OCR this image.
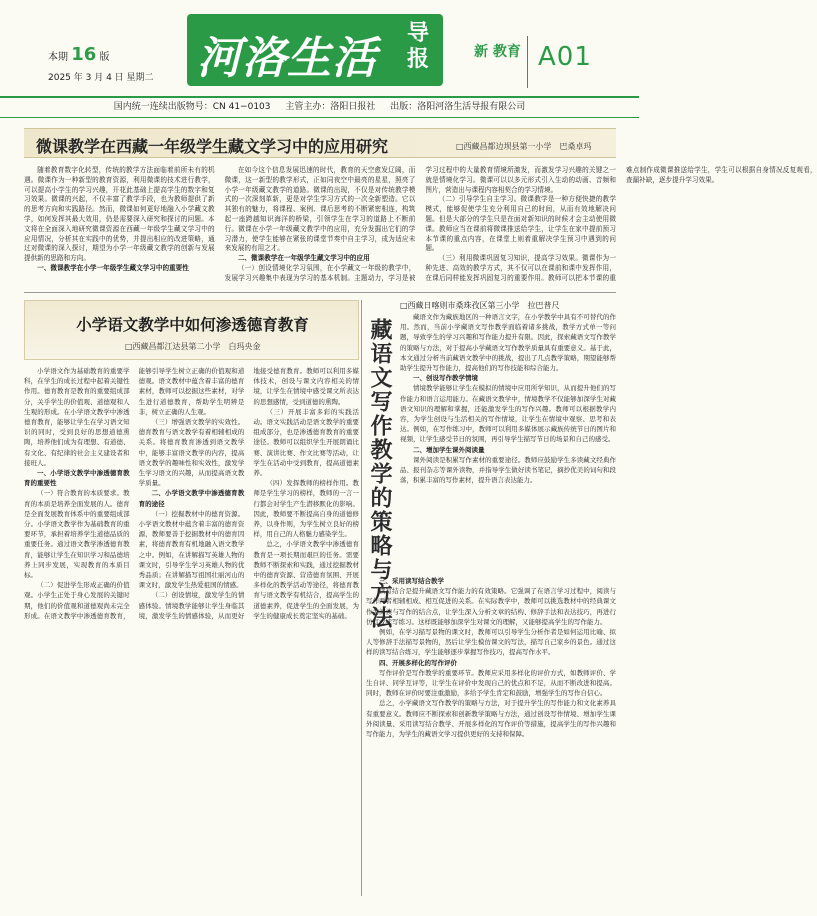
本期 16 版
2025 年 3 月 4 日 星期二 河洛生活 导报	新 教育 A01
国内统一连续出版物号：CN 41−0103 主管主办：洛阳日报社 出版：洛阳河洛生活导报有限公司
微课教学在西藏一年级学生藏文学习中的应用研究	□西藏昌都边坝县第一小学　巴桑卓玛

随着教育数字化转型，传统的教学方法面临着前所未有的机遇。微课作为一种新型的教育资源，利用微课的技术进行教学，可以提高小学生的学习兴趣，开花此基础上提高学生的数字和复习效果。微课的兴起，不仅丰富了教学手段，也为教师提供了新的思考方向和实践路径。然而，微课如何更好地融入小学藏文教学，如何发挥其最大效用，仍是需要深入研究和探讨的问题。本文将在全面深入地研究微课资源在西藏一年级学生藏文学习中的应用情况，分析其在实践中的优势，并提出相应的改进策略，通过对微课的深入探讨，期望为小学一年级藏文教学的创新与发展提供新的思路和方向。

一、微课教学在小学一年级学生藏文学习中的重要性

在如今这个信息发展迅速的时代，教育的天空愈发辽阔，而微课，这一新型的教学形式，正如同夜空中最亮的星星，照亮了小学一年级藏文教学的道路。微课的出现，不仅是对传统教学模式的一次深刻革新，更是对学生学习方式的一次全新塑造。它以其独有的魅力，将课程、案例、课后思考的不断紧密相连，构筑起一座跨越知识海洋的桥梁，引领学生在学习的道路上不断前行。微课在小学一年级藏文教学中的应用，充分发掘出它们的学习潜力，使学生能够在紧张的课堂节奏中自主学习，成为适应未来发展的有用之才。

二、微课教学在一年级学生藏文学习中的应用

（一）创设情境化学习氛围，在小学藏文一年级的教学中，发展学习兴趣集中表现为学习的基本机制。主题动力，学习是被学习过程中的大量教育情境所激发，而激发学习兴趣的关键之一就是情境化学习。微课可以以多元形式引入生动的动画、音频和图片，营造出与课程内容相契合的学习情境。

（二）引导学生自主学习。微课教学是一种方便快捷的教学模式，能够促使学生充分利用自己的时间，从而有效地解决问题。但是大部分的学生只是在面对新知识的时候才会主动使用微课。教师应当在课前将微课推送给学生，让学生在家中提前预习本节课的重点内容，在课堂上则着重解决学生预习中遇到的问题。

（三）利用微课巩固复习知识，提高学习效果。微课作为一种先进、高效的教学方式，其不仅可以在课前和课中发挥作用，在课后同样能发挥巩固复习的重要作用。教师可以把本节课的重难点制作成微课推送给学生，学生可以根据自身情况反复观看，查漏补缺，逐步提升学习效果。

小学语文教学中如何渗透德育教育
□西藏昌都江达县第二小学　白玛央金

小学语文作为基础教育的重要学科，在学生的成长过程中起着关键性作用。德育教育是教育的重要组成部分，关乎学生的价值观、道德观和人生观的形成。在小学语文教学中渗透德育教育，能够让学生在学习语文知识的同时，受到良好的思想道德熏陶，培养他们成为有理想、有道德、有文化、有纪律的社会主义建设者和接班人。

一、小学语文教学中渗透德育教育的重要性

（一）符合教育的本质要求。教育的本质是培养全面发展的人。德育是全面发展教育体系中的重要组成部分。小学语文教学作为基础教育的重要环节，承担着培养学生道德品质的重要任务。通过语文教学渗透德育教育，能够让学生在知识学习和品德培养上同步发展，实现教育的本质目标。

（二）促进学生形成正确的价值观。小学生正处于身心发展的关键时期，他们的价值观和道德观尚未完全形成。在语文教学中渗透德育教育，能够引导学生树立正确的价值观和道德观。语文教材中蕴含着丰富的德育素材，教师可以挖掘这些素材，对学生进行道德教育，帮助学生明辨是非，树立正确的人生观。

（三）增强语文教学的实效性。德育教育与语文教学有着相辅相成的关系。将德育教育渗透到语文教学中，能够丰富语文教学的内容，提高语文教学的趣味性和实效性，激发学生学习语文的兴趣，从而提高语文教学质量。

二、小学语文教学中渗透德育教育的途径

（一）挖掘教材中的德育资源。小学语文教材中蕴含着丰富的德育资源，教师要善于挖掘教材中的德育因素，将德育教育有机地融入语文教学之中。例如，在讲解描写英雄人物的课文时，引导学生学习英雄人物的优秀品质；在讲解描写祖国壮丽河山的课文时，激发学生热爱祖国的情感。

（二）创设情境，激发学生的情感体验。情境教学能够让学生身临其境，激发学生的情感体验，从而更好地接受德育教育。教师可以利用多媒体技术，创设与课文内容相关的情境，让学生在情境中感受课文所表达的思想感情，受到道德的熏陶。

（三）开展丰富多彩的实践活动。语文实践活动是语文教学的重要组成部分，也是渗透德育教育的重要途径。教师可以组织学生开展朗诵比赛、演讲比赛、作文比赛等活动，让学生在活动中受到教育，提高道德素养。

（四）发挥教师的榜样作用。教师是学生学习的榜样，教师的一言一行都会对学生产生潜移默化的影响。因此，教师要不断提高自身的道德修养，以身作则，为学生树立良好的榜样，用自己的人格魅力感染学生。

总之，小学语文教学中渗透德育教育是一项长期而艰巨的任务。需要教师不断探索和实践，通过挖掘教材中的德育资源、营造德育氛围、开展多样化的教学活动等途径，将德育教育与语文教学有机结合，提高学生的道德素养，促进学生的全面发展，为学生的健康成长奠定坚实的基础。 藏语文写作教学的策略与方法
□西藏日喀则市桑珠孜区第三小学　拉巴普尺

藏语文作为藏族地区的一种语言文字，在小学教学中具有不可替代的作用。然而，当前小学藏语文写作教学面临着诸多挑战，教学方式单一等问题，导致学生的学习兴趣和写作能力提升有限。因此，探索藏语文写作教学的策略与方法，对于提高小学藏语文写作教学质量具有重要意义。基于此，本文通过分析当前藏语文教学中的挑战，提出了几点教学策略，期望能够帮助学生提升写作能力，提高他们的写作技能和综合能力。

一、创设写作教学情境

情境教学能够让学生在模拟的情境中应用所学知识，从而提升他们的写作能力和语言运用能力。在藏语文教学中，情境教学不仅能够加深学生对藏语文知识的理解和掌握，还能激发学生的写作兴趣。教师可以根据教学内容，为学生创设与生活相关的写作情境，让学生在情境中观察、思考和表达。例如，在写作练习中，教师可以利用多媒体展示藏族传统节日的图片和视频，让学生感受节日的氛围，再引导学生描写节日的场景和自己的感受。

二、增加学生课外阅读量

课外阅读是积累写作素材的重要途径。教师应鼓励学生多读藏文经典作品、报刊杂志等课外读物，并指导学生做好读书笔记，摘抄优美的词句和段落，积累丰富的写作素材，提升语言表达能力。

三、采用读写结合教学

读写结合是提升藏语文写作能力的有效策略。它强调了在语言学习过程中，阅读与写作两者相辅相成、相互促进的关系。在实际教学中，教师可以挑选教材中的经典课文作为阅读与写作的结合点，让学生深入分析文章的结构、修辞手法和表达技巧，再进行仿写或续写练习。这样既能够加深学生对课文的理解，又能够提高学生的写作能力。

例如，在学习描写景物的课文时，教师可以引导学生分析作者是如何运用比喻、拟人等修辞手法描写景物的，然后让学生模仿课文的写法，描写自己家乡的景色。通过这样的读写结合练习，学生能够逐步掌握写作技巧，提高写作水平。

四、开展多样化的写作评价

写作评价是写作教学的重要环节。教师应采用多样化的评价方式，如教师评价、学生自评、同学互评等，让学生在评价中发现自己的优点和不足，从而不断改进和提高。同时，教师在评价时要注重激励，多给予学生肯定和鼓励，增强学生的写作自信心。

总之，小学藏语文写作教学的策略与方法，对于提升学生的写作能力和文化素养具有重要意义。教师应不断探索和创新教学策略与方法，通过创设写作情境、增加学生课外阅读量、采用读写结合教学、开展多样化的写作评价等措施，提高学生的写作兴趣和写作能力，为学生的藏语文学习提供更好的支持和保障。
